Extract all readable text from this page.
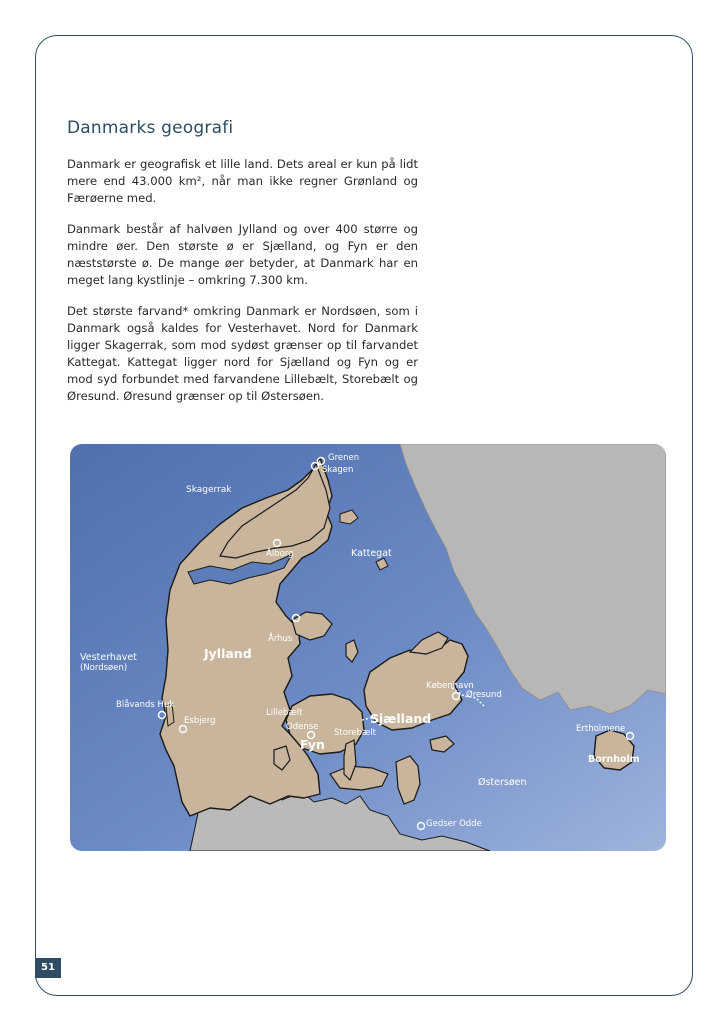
Danmarks geografi

Danmark er geografisk et lille land. Dets areal er kun på lidt mere end 43.000 km², når man ikke regner Grønland og Færøerne med.

Danmark består af halvøen Jylland og over 400 større og mindre øer. Den største ø er Sjælland, og Fyn er den næststørste ø. De mange øer betyder, at Danmark har en meget lang kystlinje – omkring 7.300 km.

Det største farvand* omkring Danmark er Nordsøen, som i Danmark også kaldes for Vesterhavet. Nord for Danmark ligger Skagerrak, som mod sydøst grænser op til farvandet Kattegat. Kattegat ligger nord for Sjælland og Fyn og er mod syd forbundet med farvandene Lillebælt, Storebælt og Øresund. Øresund grænser op til Østersøen.

Grenen
Skagen
Skagerrak
Ålborg	Kattegat
Århus
Vesterhavet
(Nordsøen)
Jylland
København
Øresund
Blåvands Huk
Lillebælt	Sjælland
Esbjerg
Odense
Storebælt
Fyn
Ertholmene
Bornholm
Østersøen
Gedser Odde
51
